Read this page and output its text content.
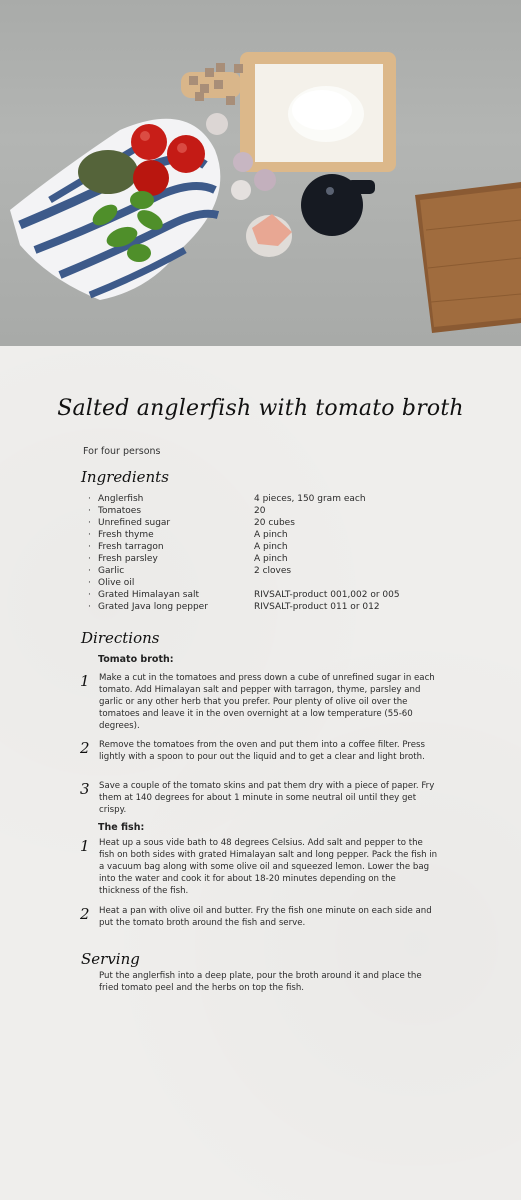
Salted anglerfish with tomato broth
For four persons
Ingredients
· Anglerfish	4 pieces, 150 gram each
· Tomatoes	20
· Unrefined sugar	20 cubes
· Fresh thyme	A pinch
· Fresh tarragon	A pinch
· Fresh parsley	A pinch
· Garlic	2 cloves
· Olive oil
· Grated Himalayan salt	RIVSALT-product 001,002 or 005
· Grated Java long pepper	RIVSALT-product 011 or 012
Directions
Tomato broth:
1 Make a cut in the tomatoes and press down a cube of unrefined sugar in each tomato. Add Himalayan salt and pepper with tarragon, thyme, parsley and garlic or any other herb that you prefer. Pour plenty of olive oil over the tomatoes and leave it in the oven overnight at a low temperature (55-60 degrees).
2 Remove the tomatoes from the oven and put them into a coffee filter. Press lightly with a spoon to pour out the liquid and to get a clear and light broth.
3 Save a couple of the tomato skins and pat them dry with a piece of paper. Fry them at 140 degrees for about 1 minute in some neutral oil until they get crispy.
The fish:
1 Heat up a sous vide bath to 48 degrees Celsius. Add salt and pepper to the fish on both sides with grated Himalayan salt and long pepper. Pack the fish in a vacuum bag along with some olive oil and squeezed lemon. Lower the bag into the water and cook it for about 18-20 minutes depending on the thickness of the fish.
2 Heat a pan with olive oil and butter. Fry the fish one minute on each side and put the tomato broth around the fish and serve.
Serving
Put the anglerfish into a deep plate, pour the broth around it and place the fried tomato peel and the herbs on top the fish.
